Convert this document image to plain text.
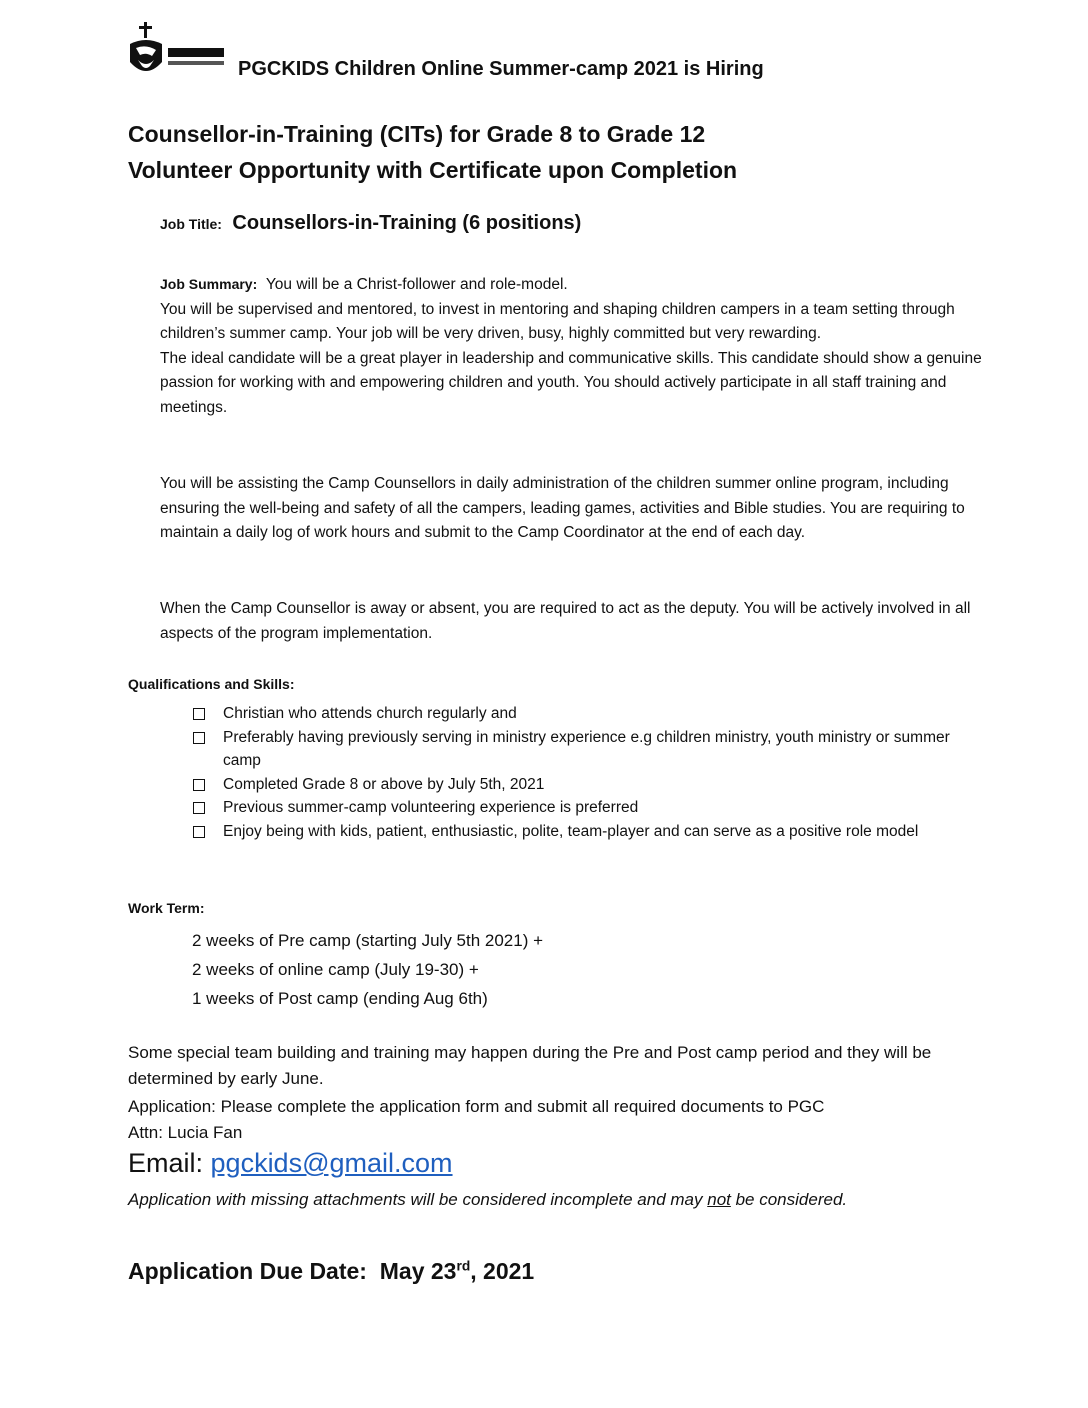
PGCKIDS Children Online Summer-camp 2021 is Hiring
Counsellor-in-Training (CITs) for Grade 8 to Grade 12
Volunteer Opportunity with Certificate upon Completion
Job Title: Counsellors-in-Training (6 positions)

Job Summary: You will be a Christ-follower and role-model.

You will be supervised and mentored, to invest in mentoring and shaping children campers in a team setting through children’s summer camp. Your job will be very driven, busy, highly committed but very rewarding.

The ideal candidate will be a great player in leadership and communicative skills. This candidate should show a genuine passion for working with and empowering children and youth. You should actively participate in all staff training and meetings.

You will be assisting the Camp Counsellors in daily administration of the children summer online program, including ensuring the well-being and safety of all the campers, leading games, activities and Bible studies. You are requiring to maintain a daily log of work hours and submit to the Camp Coordinator at the end of each day.

When the Camp Counsellor is away or absent, you are required to act as the deputy. You will be actively involved in all aspects of the program implementation.

Qualifications and Skills:
Christian who attends church regularly and
Preferably having previously serving in ministry experience e.g children ministry, youth ministry or summer camp
Completed Grade 8 or above by July 5th, 2021
Previous summer-camp volunteering experience is preferred
Enjoy being with kids, patient, enthusiastic, polite, team-player and can serve as a positive role model
Work Term:
2 weeks of Pre camp (starting July 5th 2021) +
2 weeks of online camp (July 19-30) +
1 weeks of Post camp (ending Aug 6th)

Some special team building and training may happen during the Pre and Post camp period and they will be determined by early June.

Application: Please complete the application form and submit all required documents to PGC

Attn: Lucia Fan

Email: pgckids@gmail.com
Application with missing attachments will be considered incomplete and may not be considered.
Application Due Date: May 23rd, 2021
